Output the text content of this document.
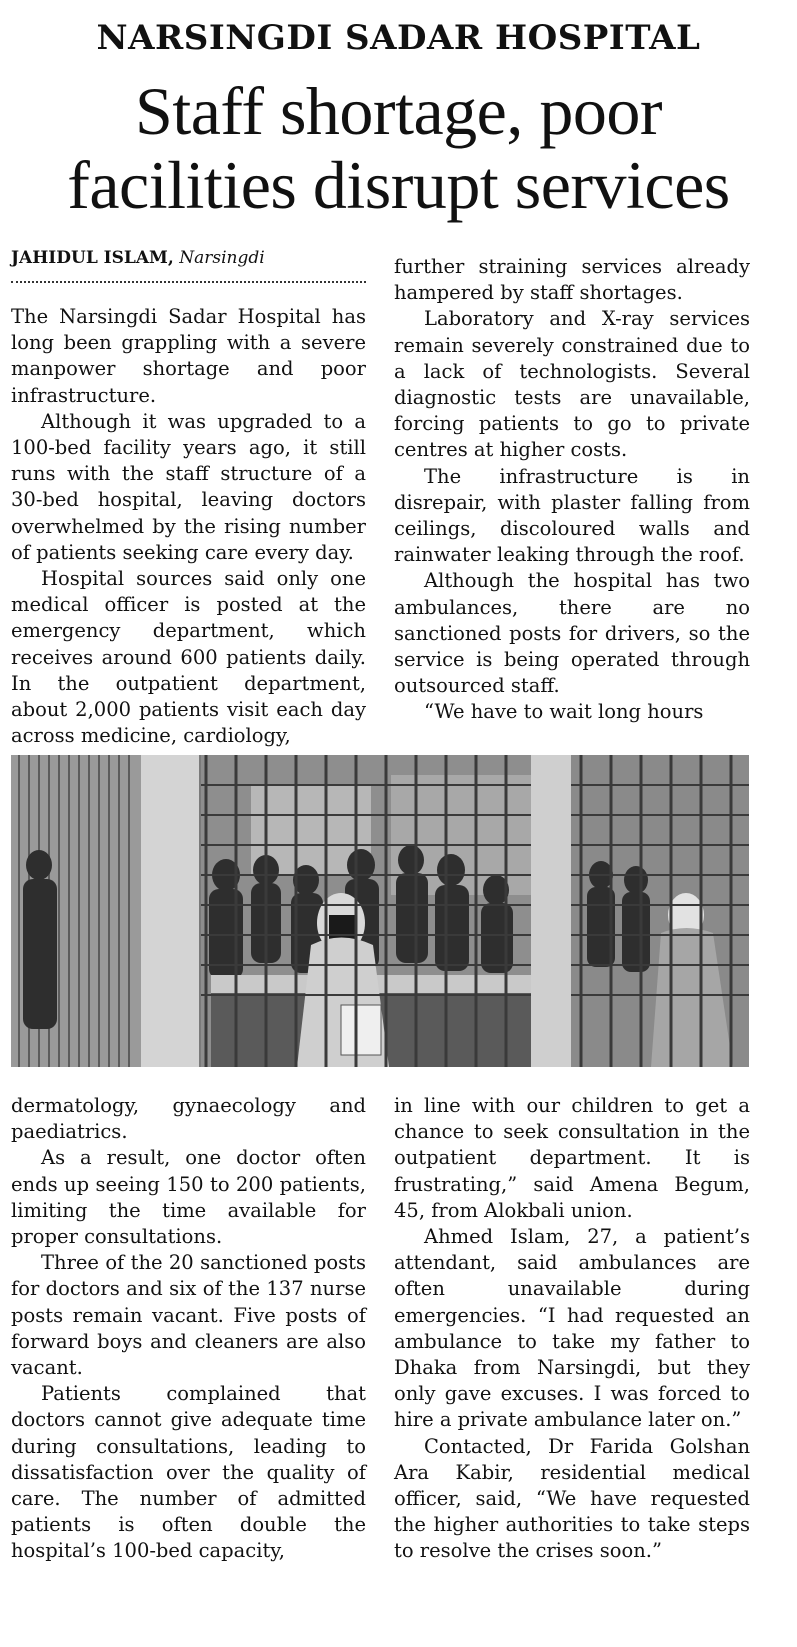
NARSINGDI SADAR HOSPITAL
Staff shortage, poor
facilities disrupt services
JAHIDUL ISLAM, Narsingdi

The Narsingdi Sadar Hospital has long been grappling with a severe manpower shortage and poor infrastructure.

Although it was upgraded to a 100-bed facility years ago, it still runs with the staff structure of a 30-bed hospital, leaving doctors overwhelmed by the rising number of patients seeking care every day.

Hospital sources said only one medical officer is posted at the emergency department, which receives around 600 patients daily. In the outpatient department, about 2,000 patients visit each day across medicine, cardiology,

further straining services already hampered by staff shortages.

Laboratory and X-ray services remain severely constrained due to a lack of technologists. Several diagnostic tests are unavailable, forcing patients to go to private centres at higher costs.

The infrastructure is in disrepair, with plaster falling from ceilings, discoloured walls and rainwater leaking through the roof.

Although the hospital has two ambulances, there are no sanctioned posts for drivers, so the service is being operated through outsourced staff.

“We have to wait long hours

dermatology, gynaecology and paediatrics.

As a result, one doctor often ends up seeing 150 to 200 patients, limiting the time available for proper consultations.

Three of the 20 sanctioned posts for doctors and six of the 137 nurse posts remain vacant. Five posts of forward boys and cleaners are also vacant.

Patients complained that doctors cannot give adequate time during consultations, leading to dissatisfaction over the quality of care. The number of admitted patients is often double the hospital’s 100-bed capacity,

in line with our children to get a chance to seek consultation in the outpatient department. It is frustrating,” said Amena Begum, 45, from Alokbali union.

Ahmed Islam, 27, a patient’s attendant, said ambulances are often unavailable during emergencies. “I had requested an ambulance to take my father to Dhaka from Narsingdi, but they only gave excuses. I was forced to hire a private ambulance later on.”

Contacted, Dr Farida Golshan Ara Kabir, residential medical officer, said, “We have requested the higher authorities to take steps to resolve the crises soon.”
